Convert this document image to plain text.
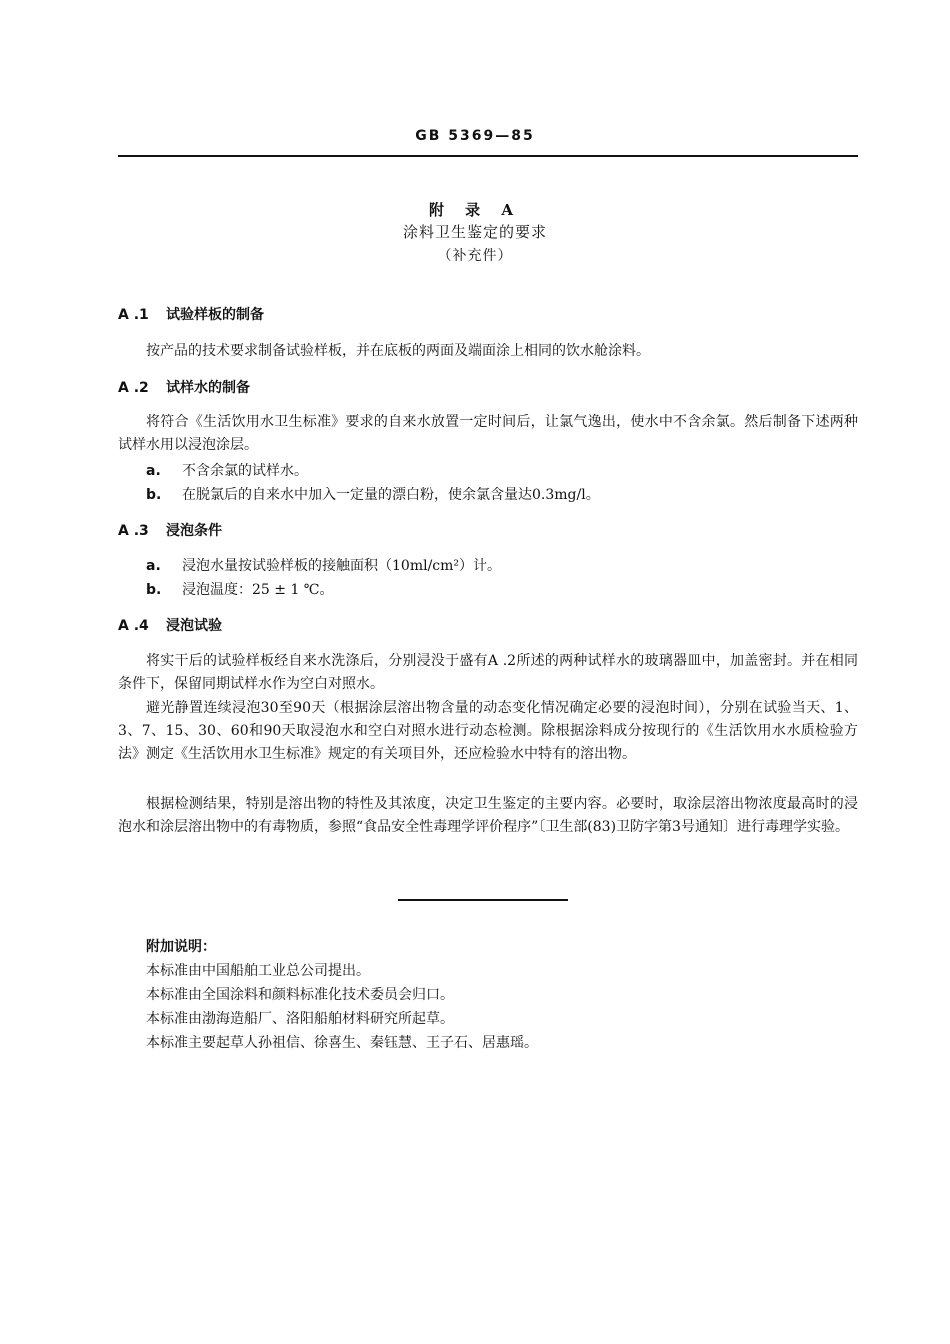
GB 5369—85
附 录 A
涂料卫生鉴定的要求
（补充件）
A .1 试验样板的制备
按产品的技术要求制备试验样板，并在底板的两面及端面涂上相同的饮水舱涂料。
A .2 试样水的制备
将符合《生活饮用水卫生标准》要求的自来水放置一定时间后，让氯气逸出，使水中不含余氯。然后制备下述两种试样水用以浸泡涂层。
a. 不含余氯的试样水。
b. 在脱氯后的自来水中加入一定量的漂白粉，使余氯含量达0.3mg/l。
A .3 浸泡条件
a. 浸泡水量按试验样板的接触面积（10ml/cm²）计。
b. 浸泡温度：25 ± 1 ℃。
A .4 浸泡试验
将实干后的试验样板经自来水洗涤后，分别浸没于盛有A .2所述的两种试样水的玻璃器皿中，加盖密封。并在相同条件下，保留同期试样水作为空白对照水。
避光静置连续浸泡30至90天（根据涂层溶出物含量的动态变化情况确定必要的浸泡时间），分别在试验当天、1、3、7、15、30、60和90天取浸泡水和空白对照水进行动态检测。除根据涂料成分按现行的《生活饮用水水质检验方法》测定《生活饮用水卫生标准》规定的有关项目外，还应检验水中特有的溶出物。
根据检测结果，特别是溶出物的特性及其浓度，决定卫生鉴定的主要内容。必要时，取涂层溶出物浓度最高时的浸泡水和涂层溶出物中的有毒物质，参照“食品安全性毒理学评价程序”〔卫生部(83)卫防字第3号通知〕进行毒理学实验。
附加说明：
本标准由中国船舶工业总公司提出。
本标准由全国涂料和颜料标准化技术委员会归口。
本标准由渤海造船厂、洛阳船舶材料研究所起草。
本标准主要起草人孙祖信、徐喜生、秦钰慧、王子石、居惠瑶。
